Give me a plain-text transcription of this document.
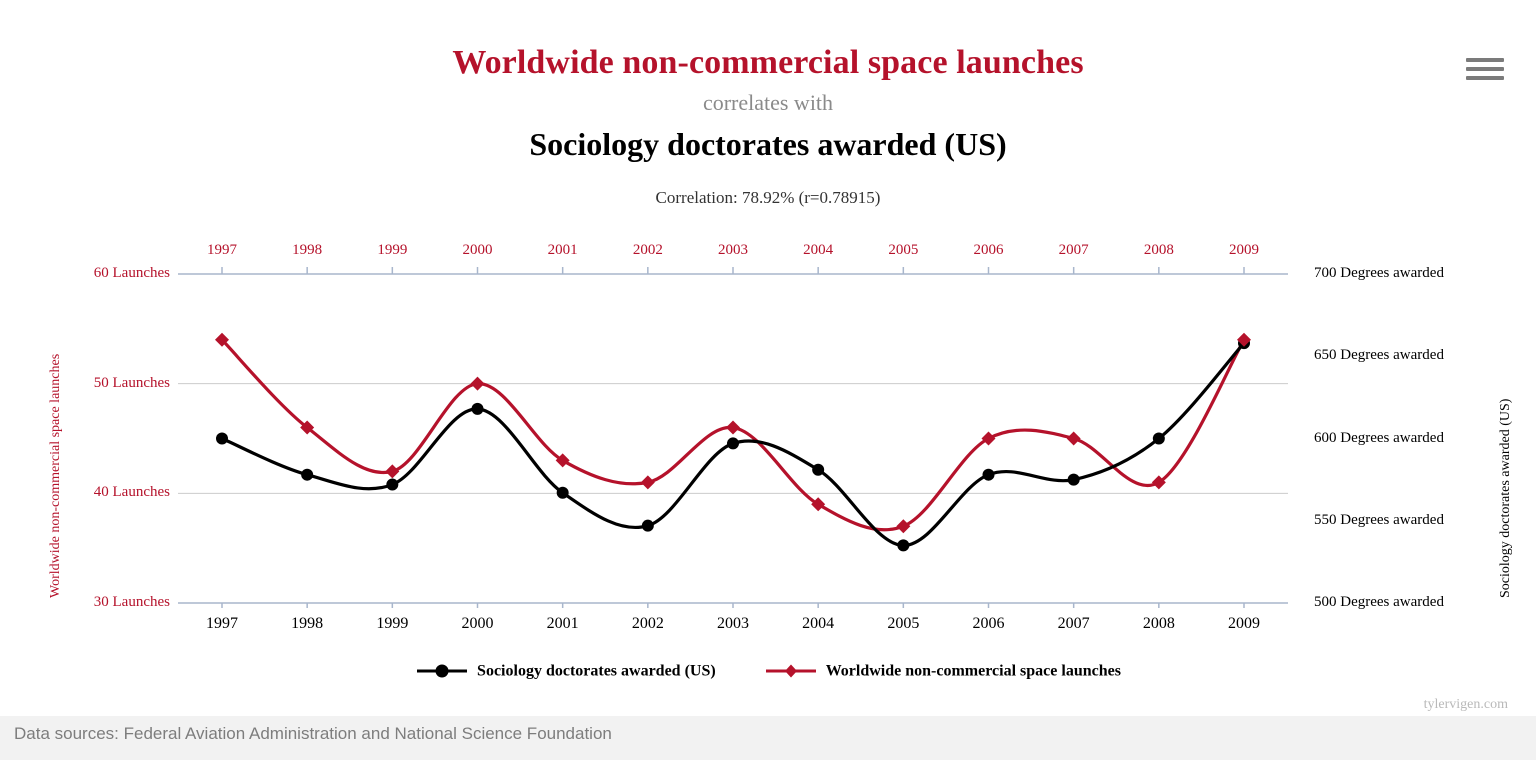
Worldwide non-commercial space launches
correlates with
Sociology doctorates awarded (US)
Correlation: 78.92% (r=0.78915)
Worldwide non-commercial space launches	Sociology doctorates awarded (US)
30 Launches
40 Launches
50 Launches
60 Launches
500 Degrees awarded
550 Degrees awarded
600 Degrees awarded
650 Degrees awarded
700 Degrees awarded
1997	1998	1999	2000	2001	2002	2003	2004	2005	2006	2007	2008	2009
1997	1998	1999	2000	2001	2002	2003	2004	2005	2006	2007	2008	2009
Sociology doctorates awarded (US)	Worldwide non-commercial space launches
tylervigen.com
Data sources: Federal Aviation Administration and National Science Foundation
